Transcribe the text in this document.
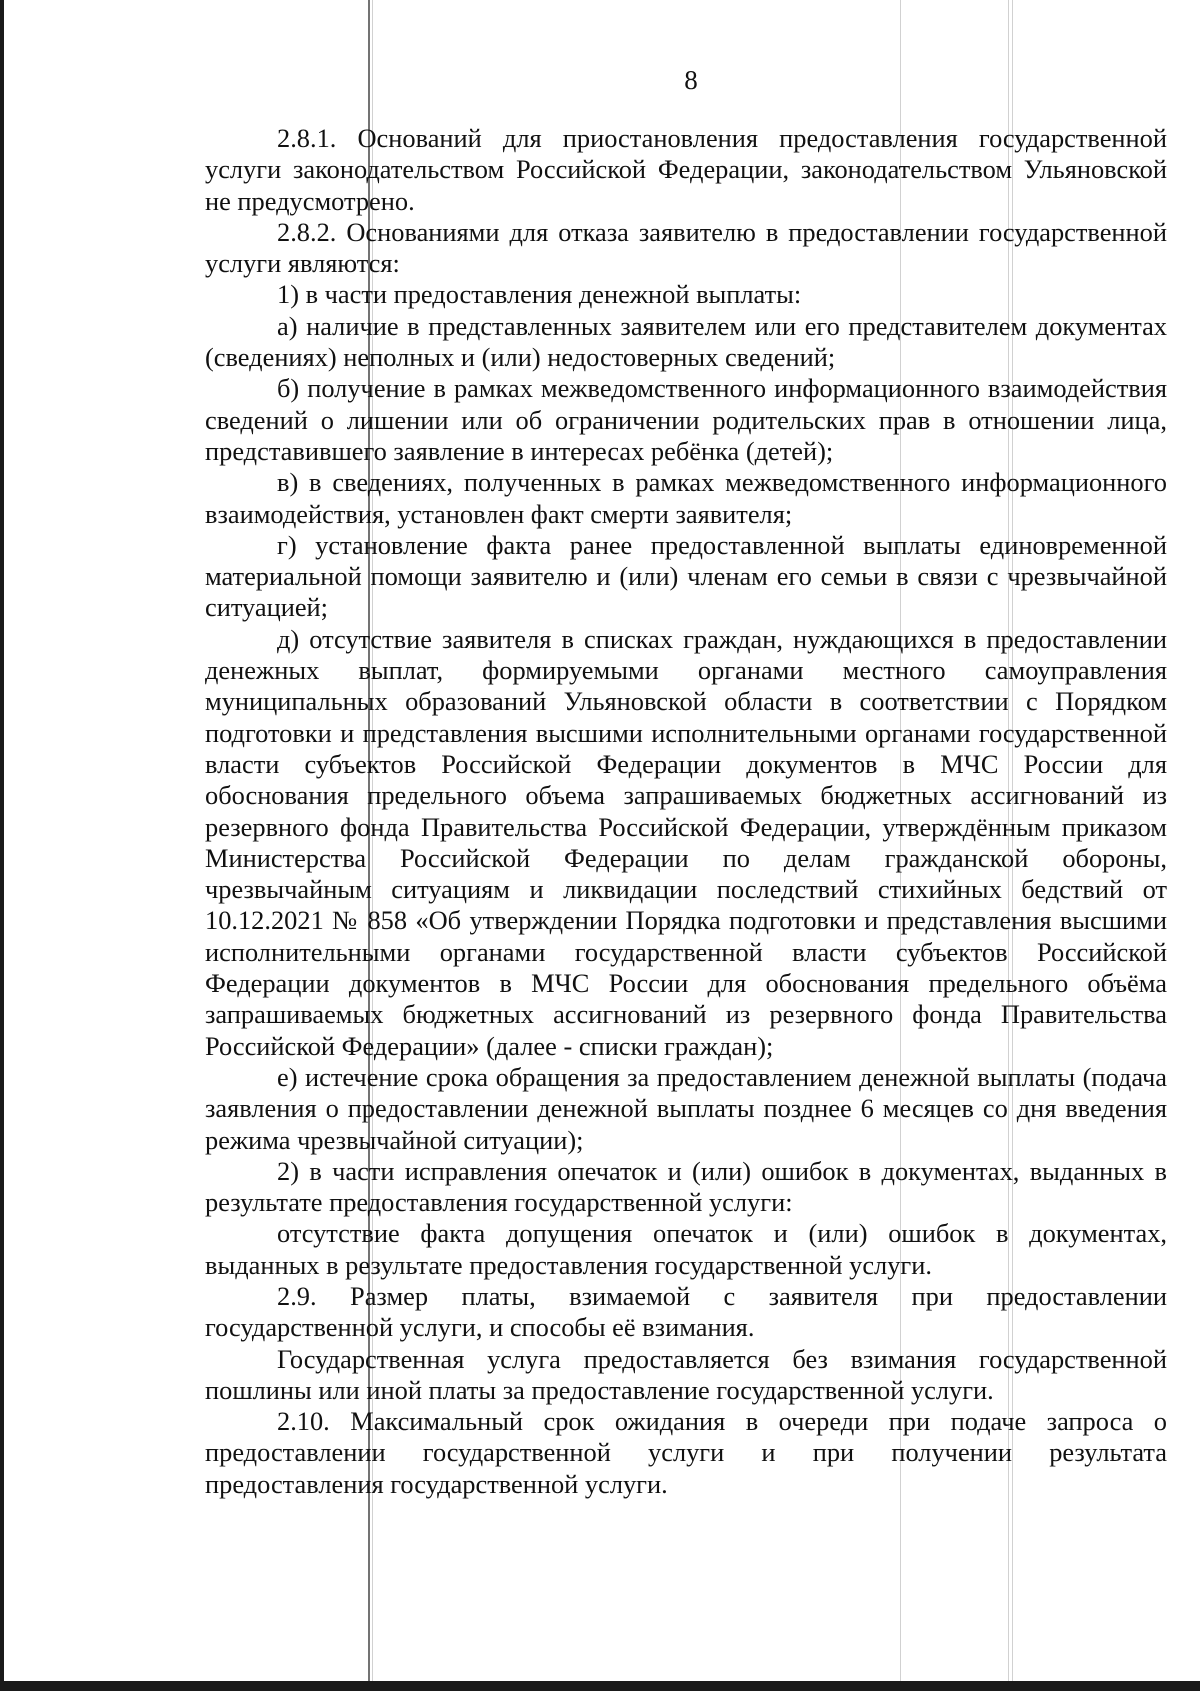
8

2.8.1. Оснований для приостановления предоставления государственной услуги законодательством Российской Федерации, законодательством Ульяновской не предусмотрено.

2.8.2. Основаниями для отказа заявителю в предоставлении государственной услуги являются:

1) в части предоставления денежной выплаты:

а) наличие в представленных заявителем или его представителем документах (сведениях) неполных и (или) недостоверных сведений;

б) получение в рамках межведомственного информационного взаимодействия сведений о лишении или об ограничении родительских прав в отношении лица, представившего заявление в интересах ребёнка (детей);

в) в сведениях, полученных в рамках межведомственного информационного взаимодействия, установлен факт смерти заявителя;

г) установление факта ранее предоставленной выплаты единовременной материальной помощи заявителю и (или) членам его семьи в связи с чрезвычайной ситуацией;

д) отсутствие заявителя в списках граждан, нуждающихся в предоставлении денежных выплат, формируемыми органами местного самоуправления муниципальных образований Ульяновской области в соответствии с Порядком подготовки и представления высшими исполнительными органами государственной власти субъектов Российской Федерации документов в МЧС России для обоснования предельного объема запрашиваемых бюджетных ассигнований из резервного фонда Правительства Российской Федерации, утверждённым приказом Министерства Российской Федерации по делам гражданской обороны, чрезвычайным ситуациям и ликвидации последствий стихийных бедствий от 10.12.2021 № 858 «Об утверждении Порядка подготовки и представления высшими исполнительными органами государственной власти субъектов Российской Федерации документов в МЧС России для обоснования предельного объёма запрашиваемых бюджетных ассигнований из резервного фонда Правительства Российской Федерации» (далее - списки граждан);

е) истечение срока обращения за предоставлением денежной выплаты (подача заявления о предоставлении денежной выплаты позднее 6 месяцев со дня введения режима чрезвычайной ситуации);

2) в части исправления опечаток и (или) ошибок в документах, выданных в результате предоставления государственной услуги:

отсутствие факта допущения опечаток и (или) ошибок в документах, выданных в результате предоставления государственной услуги.

2.9. Размер платы, взимаемой с заявителя при предоставлении государственной услуги, и способы её взимания.

Государственная услуга предоставляется без взимания государственной пошлины или иной платы за предоставление государственной услуги.

2.10. Максимальный срок ожидания в очереди при подаче запроса о предоставлении государственной услуги и при получении результата предоставления государственной услуги.
